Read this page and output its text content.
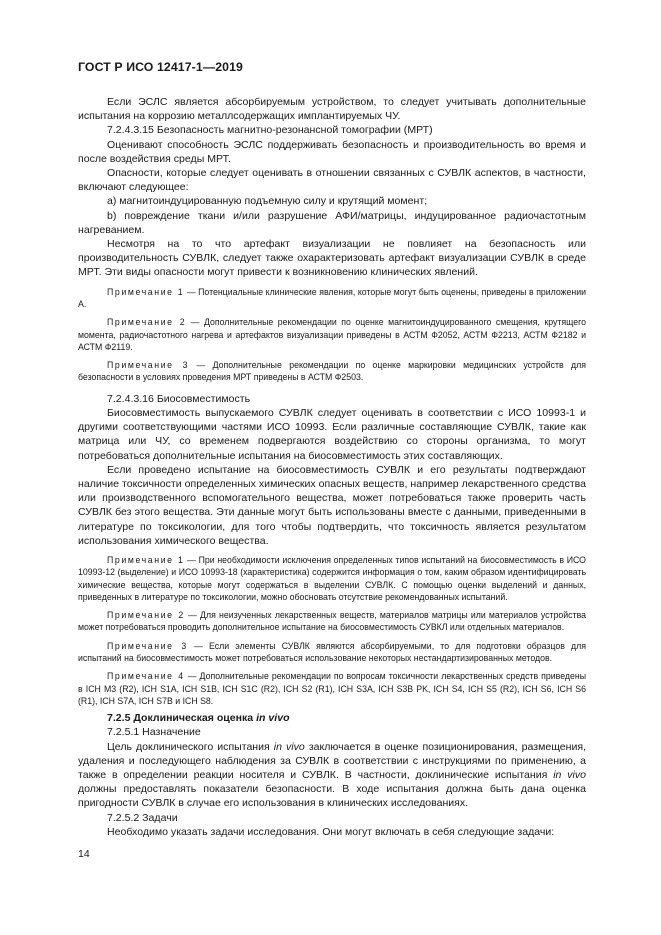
ГОСТ Р ИСО 12417-1—2019

Если ЭСЛС является абсорбируемым устройством, то следует учитывать дополнительные испытания на коррозию металлсодержащих имплантируемых ЧУ.

7.2.4.3.15 Безопасность магнитно-резонансной томографии (МРТ)

Оценивают способность ЭСЛС поддерживать безопасность и производительность во время и после воздействия среды МРТ.

Опасности, которые следует оценивать в отношении связанных с СУВЛК аспектов, в частности, включают следующее:

a) магнитоиндуцированную подъемную силу и крутящий момент;

b) повреждение ткани и/или разрушение АФИ/матрицы, индуцированное радиочастотным нагреванием.

Несмотря на то что артефакт визуализации не повлияет на безопасность или производительность СУВЛК, следует также охарактеризовать артефакт визуализации СУВЛК в среде МРТ. Эти виды опасности могут привести к возникновению клинических явлений.

Примечание 1 — Потенциальные клинические явления, которые могут быть оценены, приведены в приложении А.

Примечание 2 — Дополнительные рекомендации по оценке магнитоиндуцированного смещения, крутящего момента, радиочастотного нагрева и артефактов визуализации приведены в АСТМ Ф2052, АСТМ Ф2213, АСТМ Ф2182 и АСТМ Ф2119.

Примечание 3 — Дополнительные рекомендации по оценке маркировки медицинских устройств для безопасности в условиях проведения МРТ приведены в АСТМ Ф2503.

7.2.4.3.16 Биосовместимость

Биосовместимость выпускаемого СУВЛК следует оценивать в соответствии с ИСО 10993-1 и другими соответствующими частями ИСО 10993. Если различные составляющие СУВЛК, такие как матрица или ЧУ, со временем подвергаются воздействию со стороны организма, то могут потребоваться дополнительные испытания на биосовместимость этих составляющих.

Если проведено испытание на биосовместимость СУВЛК и его результаты подтверждают наличие токсичности определенных химических опасных веществ, например лекарственного средства или производственного вспомогательного вещества, может потребоваться также проверить часть СУВЛК без этого вещества. Эти данные могут быть использованы вместе с данными, приведенными в литературе по токсикологии, для того чтобы подтвердить, что токсичность является результатом использования химического вещества.

Примечание 1 — При необходимости исключения определенных типов испытаний на биосовместимость в ИСО 10993-12 (выделение) и ИСО 10993-18 (характеристика) содержится информация о том, каким образом идентифицировать химические вещества, которые могут содержаться в выделении СУВЛК. С помощью оценки выделений и данных, приведенных в литературе по токсикологии, можно обосновать отсутствие рекомендованных испытаний.

Примечание 2 — Для неизученных лекарственных веществ, материалов матрицы или материалов устройства может потребоваться проводить дополнительное испытание на биосовместимость СУВКЛ или отдельных материалов.

Примечание 3 — Если элементы СУВЛК являются абсорбируемыми, то для подготовки образцов для испытаний на биосовместимость может потребоваться использование некоторых нестандартизированных методов.

Примечание 4 — Дополнительные рекомендации по вопросам токсичности лекарственных средств приведены в ICH M3 (R2), ICH S1A, ICH S1B, ICH S1C (R2), ICH S2 (R1), ICH S3A, ICH S3B PK, ICH S4, ICH S5 (R2), ICH S6, ICH S6 (R1), ICH S7A, ICH S7B и ICH S8.

7.2.5 Доклиническая оценка in vivo

7.2.5.1 Назначение

Цель доклинического испытания in vivo заключается в оценке позиционирования, размещения, удаления и последующего наблюдения за СУВЛК в соответствии с инструкциями по применению, а также в определении реакции носителя и СУВЛК. В частности, доклинические испытания in vivo должны предоставлять показатели безопасности. В ходе испытания должна быть дана оценка пригодности СУВЛК в случае его использования в клинических исследованиях.

7.2.5.2 Задачи

Необходимо указать задачи исследования. Они могут включать в себя следующие задачи:

14
